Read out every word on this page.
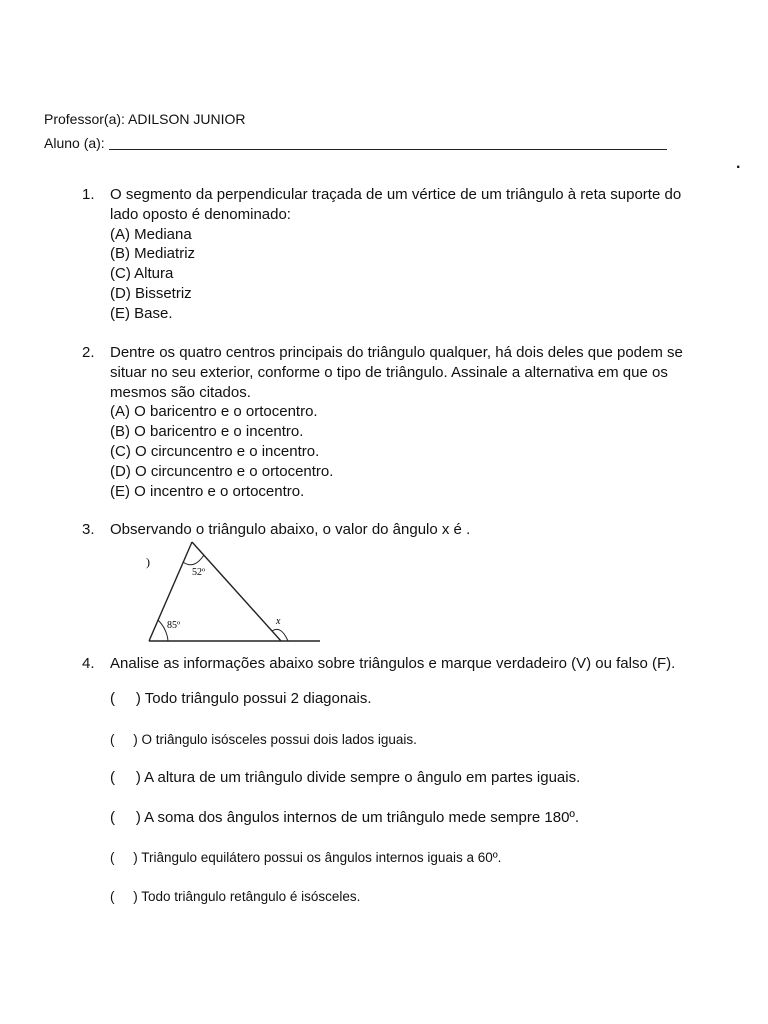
Professor(a): ADILSON JUNIOR
Aluno (a):
.
1. O segmento da perpendicular traçada de um vértice de um triângulo à reta suporte do
lado oposto é denominado:
(A) Mediana
(B) Mediatriz
(C) Altura
(D) Bissetriz
(E) Base.
2. Dentre os quatro centros principais do triângulo qualquer, há dois deles que podem se
situar no seu exterior, conforme o tipo de triângulo. Assinale a alternativa em que os
mesmos são citados.
(A) O baricentro e o ortocentro.
(B) O baricentro e o incentro.
(C) O circuncentro e o incentro.
(D) O circuncentro e o ortocentro.
(E) O incentro e o ortocentro.
3. Observando o triângulo abaixo, o valor do ângulo x é .
52º
85º	x
)
4. Analise as informações abaixo sobre triângulos e marque verdadeiro (V) ou falso (F).
(     ) Todo triângulo possui 2 diagonais.
(     ) O triângulo isósceles possui dois lados iguais.
(     ) A altura de um triângulo divide sempre o ângulo em partes iguais.
(     ) A soma dos ângulos internos de um triângulo mede sempre 180º.
(     ) Triângulo equilátero possui os ângulos internos iguais a 60º.
(     ) Todo triângulo retângulo é isósceles.
